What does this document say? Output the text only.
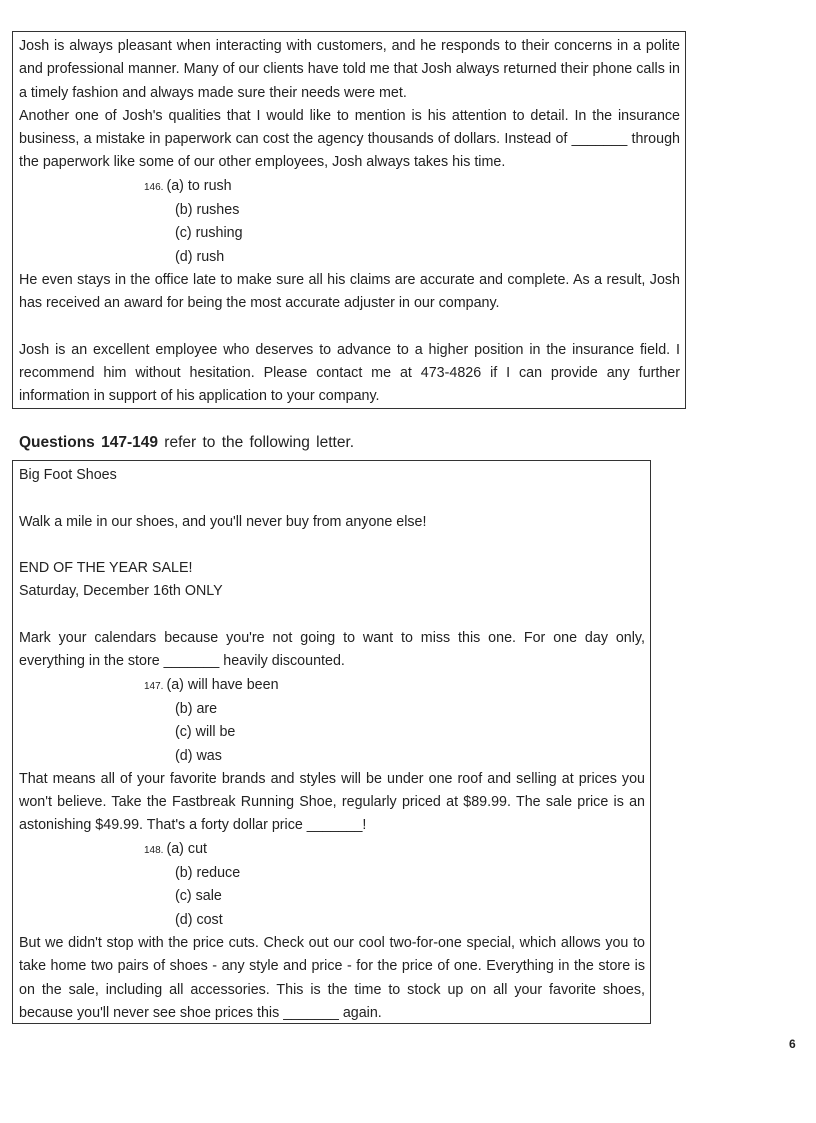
Josh is always pleasant when interacting with customers, and he responds to their concerns in a polite and professional manner. Many of our clients have told me that Josh always returned their phone calls in a timely fashion and always made sure their needs were met.

Another one of Josh's qualities that I would like to mention is his attention to detail. In the insurance business, a mistake in paperwork can cost the agency thousands of dollars. Instead of _______ through the paperwork like some of our other employees, Josh always takes his time.

146. (a) to rush
(b) rushes
(c) rushing
(d) rush

He even stays in the office late to make sure all his claims are accurate and complete. As a result, Josh has received an award for being the most accurate adjuster in our company.

Josh is an excellent employee who deserves to advance to a higher position in the insurance field. I recommend him without hesitation. Please contact me at 473-4826 if I can provide any further information in support of his application to your company.

Questions 147-149 refer to the following letter.

Big Foot Shoes

Walk a mile in our shoes, and you'll never buy from anyone else!

END OF THE YEAR SALE!

Saturday, December 16th ONLY

Mark your calendars because you're not going to want to miss this one. For one day only, everything in the store _______ heavily discounted.

147. (a) will have been
(b) are
(c) will be
(d) was

That means all of your favorite brands and styles will be under one roof and selling at prices you won't believe. Take the Fastbreak Running Shoe, regularly priced at $89.99. The sale price is an astonishing $49.99. That's a forty dollar price _______!

148. (a) cut
(b) reduce
(c) sale
(d) cost

But we didn't stop with the price cuts. Check out our cool two-for-one special, which allows you to take home two pairs of shoes - any style and price - for the price of one. Everything in the store is on the sale, including all accessories. This is the time to stock up on all your favorite shoes, because you'll never see shoe prices this _______ again.

6
